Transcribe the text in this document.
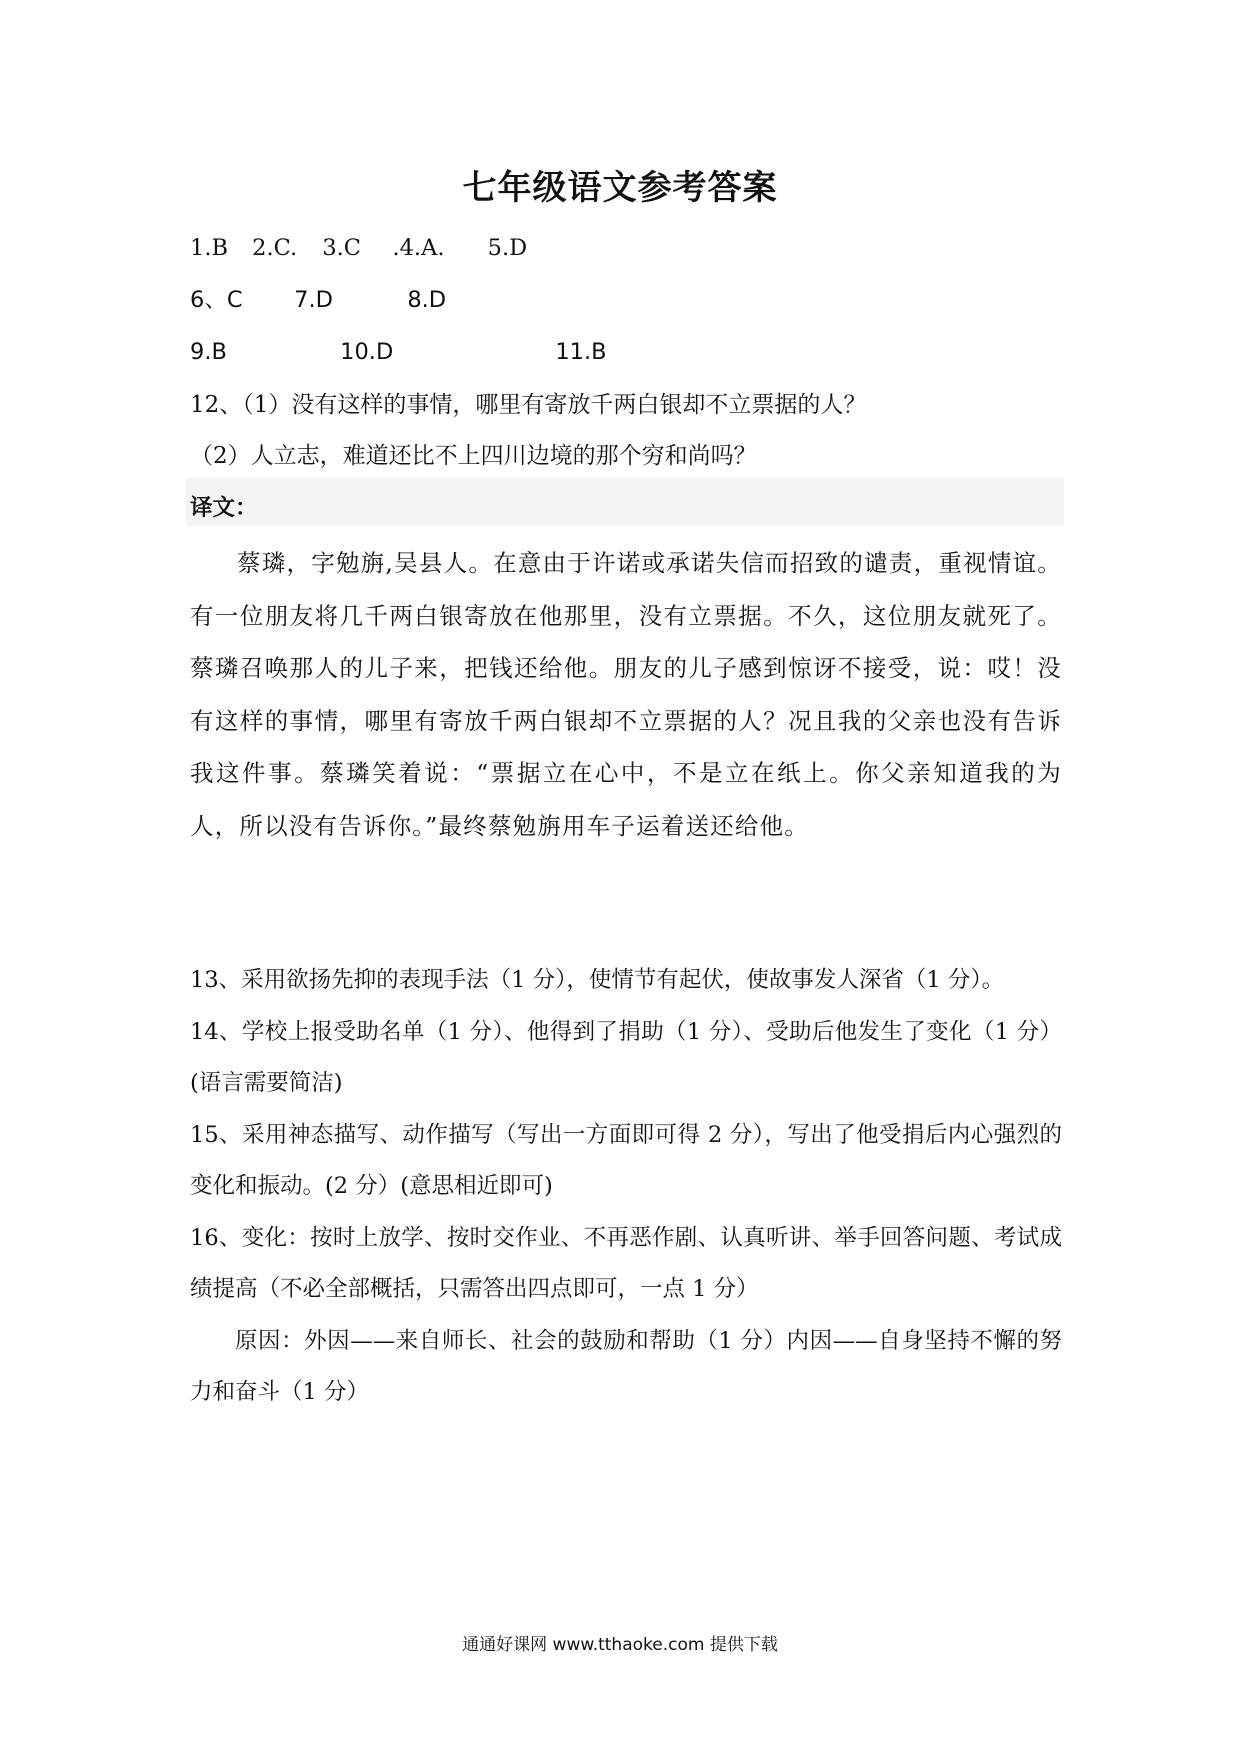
七年级语文参考答案
1.B 2.C. 3.C .4.A. 5.D
6、C 7.D	8.D
9.B	10.D	11.B
12、（1）没有这样的事情，哪里有寄放千两白银却不立票据的人？
（2）人立志，难道还比不上四川边境的那个穷和尚吗？
译文：
蔡璘，字勉旃,吴县人。在意由于许诺或承诺失信而招致的谴责，重视情谊。有一位朋友将几千两白银寄放在他那里，没有立票据。不久，这位朋友就死了。蔡璘召唤那人的儿子来，把钱还给他。朋友的儿子感到惊讶不接受，说：哎！没有这样的事情，哪里有寄放千两白银却不立票据的人？况且我的父亲也没有告诉我这件事。蔡璘笑着说：“票据立在心中，不是立在纸上。你父亲知道我的为人，所以没有告诉你。”最终蔡勉旃用车子运着送还给他。

13、采用欲扬先抑的表现手法（1 分），使情节有起伏，使故事发人深省（1 分）。

14、学校上报受助名单（1 分）、他得到了捐助（1 分）、受助后他发生了变化（1 分）(语言需要简洁)

15、采用神态描写、动作描写（写出一方面即可得 2 分），写出了他受捐后内心强烈的变化和振动。(2 分）(意思相近即可)

16、变化：按时上放学、按时交作业、不再恶作剧、认真听讲、举手回答问题、考试成绩提高（不必全部概括，只需答出四点即可，一点 1 分）

原因：外因——来自师长、社会的鼓励和帮助（1 分）内因——自身坚持不懈的努力和奋斗（1 分）

通通好课网 www.tthaoke.com 提供下载
